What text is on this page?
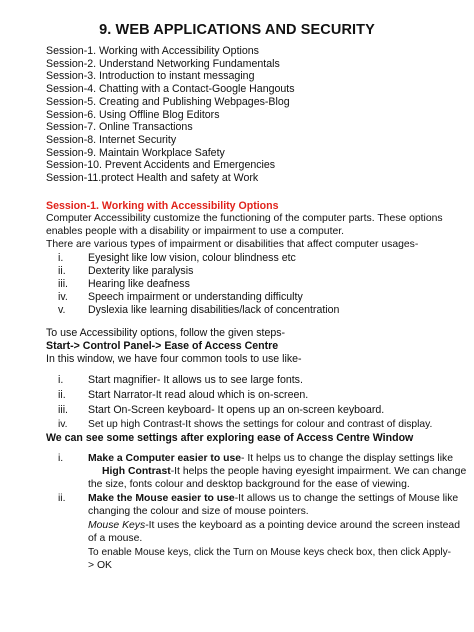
9. WEB APPLICATIONS AND SECURITY
Session-1. Working with Accessibility Options
Session-2. Understand Networking Fundamentals
Session-3. Introduction to instant messaging
Session-4. Chatting with a Contact-Google Hangouts
Session-5. Creating and Publishing Webpages-Blog
Session-6. Using Offline Blog Editors
Session-7. Online Transactions
Session-8. Internet Security
Session-9. Maintain Workplace Safety
Session-10. Prevent Accidents and Emergencies
Session-11.protect Health and safety at Work
Session-1. Working with Accessibility Options
Computer Accessibility customize the functioning of the computer parts. These options
enables people with a disability or impairment to use a computer.
There are various types of impairment or disabilities that affect computer usages-
i. Eyesight like low vision, colour blindness etc
ii. Dexterity like paralysis
iii. Hearing like deafness
iv. Speech impairment or understanding difficulty
v. Dyslexia like learning disabilities/lack of concentration
To use Accessibility options, follow the given steps-
Start-> Control Panel-> Ease of Access Centre
In this window, we have four common tools to use like-
i. Start magnifier- It allows us to see large fonts.
ii. Start Narrator-It read aloud which is on-screen.
iii. Start On-Screen keyboard- It opens up an on-screen keyboard.
iv. Set up high Contrast-It shows the settings for colour and contrast of display.
We can see some settings after exploring ease of Access Centre Window
i. Make a Computer easier to use- It helps us to change the display settings like
High Contrast-It helps the people having eyesight impairment. We can change
the size, fonts colour and desktop background for the ease of viewing.
ii. Make the Mouse easier to use-It allows us to change the settings of Mouse like
changing the colour and size of mouse pointers.
Mouse Keys-It uses the keyboard as a pointing device around the screen instead
of a mouse.
To enable Mouse keys, click the Turn on Mouse keys check box, then click Apply-
> OK
